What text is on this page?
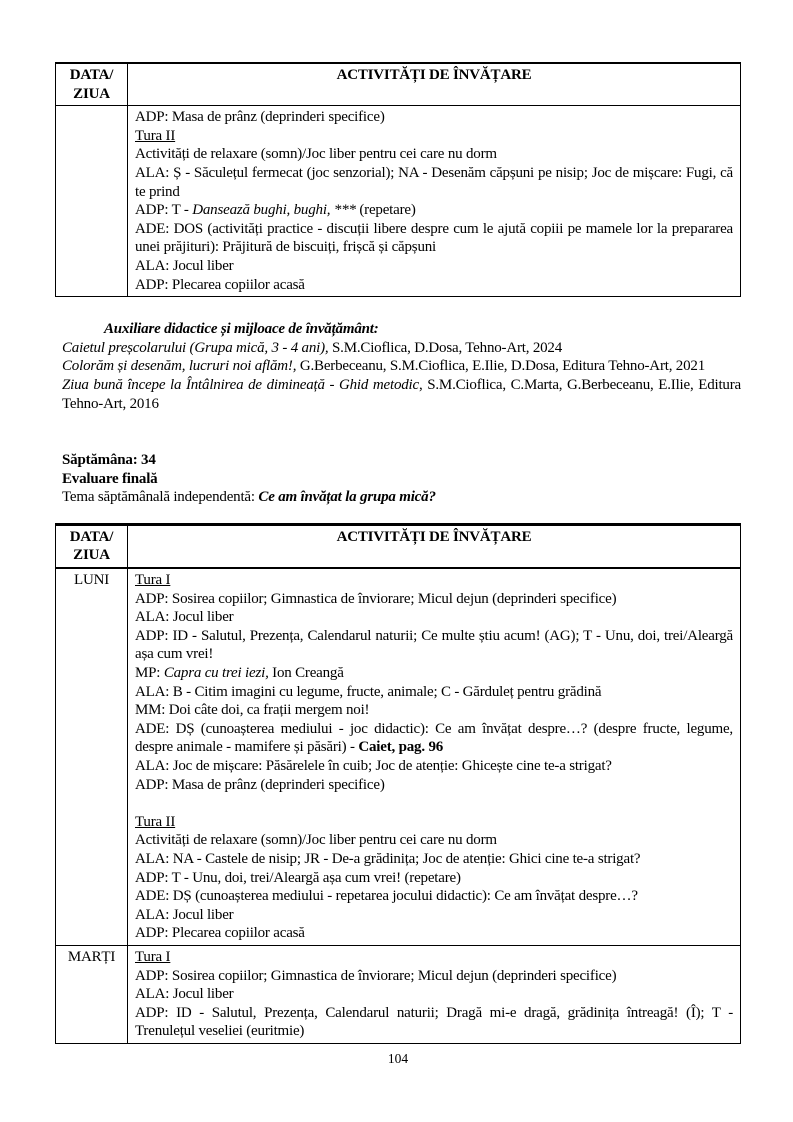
DATA/
ZIUA	ACTIVITĂȚI DE ÎNVĂȚARE

ADP: Masa de prânz (deprinderi specifice)
Tura II
Activități de relaxare (somn)/Joc liber pentru cei care nu dorm
ALA: Ș - Săculețul fermecat (joc senzorial); NA - Desenăm căpșuni pe nisip; Joc de mișcare: Fugi, că te prind
ADP: T - Dansează bughi, bughi, *** (repetare)
ADE: DOS (activități practice - discuții libere despre cum le ajută copiii pe mamele lor la prepararea unei prăjituri): Prăjitură de biscuiți, frișcă și căpșuni
ALA: Jocul liber
ADP: Plecarea copiilor acasă
Auxiliare didactice și mijloace de învățământ:
Caietul preșcolarului (Grupa mică, 3 - 4 ani), S.M.Cioflica, D.Dosa, Tehno-Art, 2024
Colorăm și desenăm, lucruri noi aflăm!, G.Berbeceanu, S.M.Cioflica, E.Ilie, D.Dosa, Editura Tehno-Art, 2021
Ziua bună începe la Întâlnirea de dimineață - Ghid metodic, S.M.Cioflica, C.Marta, G.Berbeceanu, E.Ilie, Editura Tehno-Art, 2016
Săptămâna: 34
Evaluare finală
Tema săptămânală independentă: Ce am învățat la grupa mică?
DATA/
ZIUA	ACTIVITĂȚI DE ÎNVĂȚARE
LUNI	Tura I
ADP: Sosirea copiilor; Gimnastica de înviorare; Micul dejun (deprinderi specifice)
ALA: Jocul liber
ADP: ID - Salutul, Prezența, Calendarul naturii; Ce multe știu acum! (AG); T - Unu, doi, trei/Aleargă așa cum vrei!
MP: Capra cu trei iezi, Ion Creangă
ALA: B - Citim imagini cu legume, fructe, animale; C - Gărduleț pentru grădină
MM: Doi câte doi, ca frații mergem noi!
ADE: DȘ (cunoașterea mediului - joc didactic): Ce am învățat despre…? (despre fructe, legume, despre animale - mamifere și păsări) - Caiet, pag. 96
ALA: Joc de mișcare: Păsărelele în cuib; Joc de atenție: Ghicește cine te-a strigat?
ADP: Masa de prânz (deprinderi specifice)

Tura II
Activități de relaxare (somn)/Joc liber pentru cei care nu dorm
ALA: NA - Castele de nisip; JR - De-a grădinița; Joc de atenție: Ghici cine te-a strigat?
ADP: T - Unu, doi, trei/Aleargă așa cum vrei! (repetare)
ADE: DȘ (cunoașterea mediului - repetarea jocului didactic): Ce am învățat despre…?
ALA: Jocul liber
ADP: Plecarea copiilor acasă

MARȚI	Tura I
ADP: Sosirea copiilor; Gimnastica de înviorare; Micul dejun (deprinderi specifice)
ALA: Jocul liber
ADP: ID - Salutul, Prezența, Calendarul naturii; Dragă mi-e dragă, grădinița întreagă! (Î); T - Trenulețul veseliei (euritmie)
104
